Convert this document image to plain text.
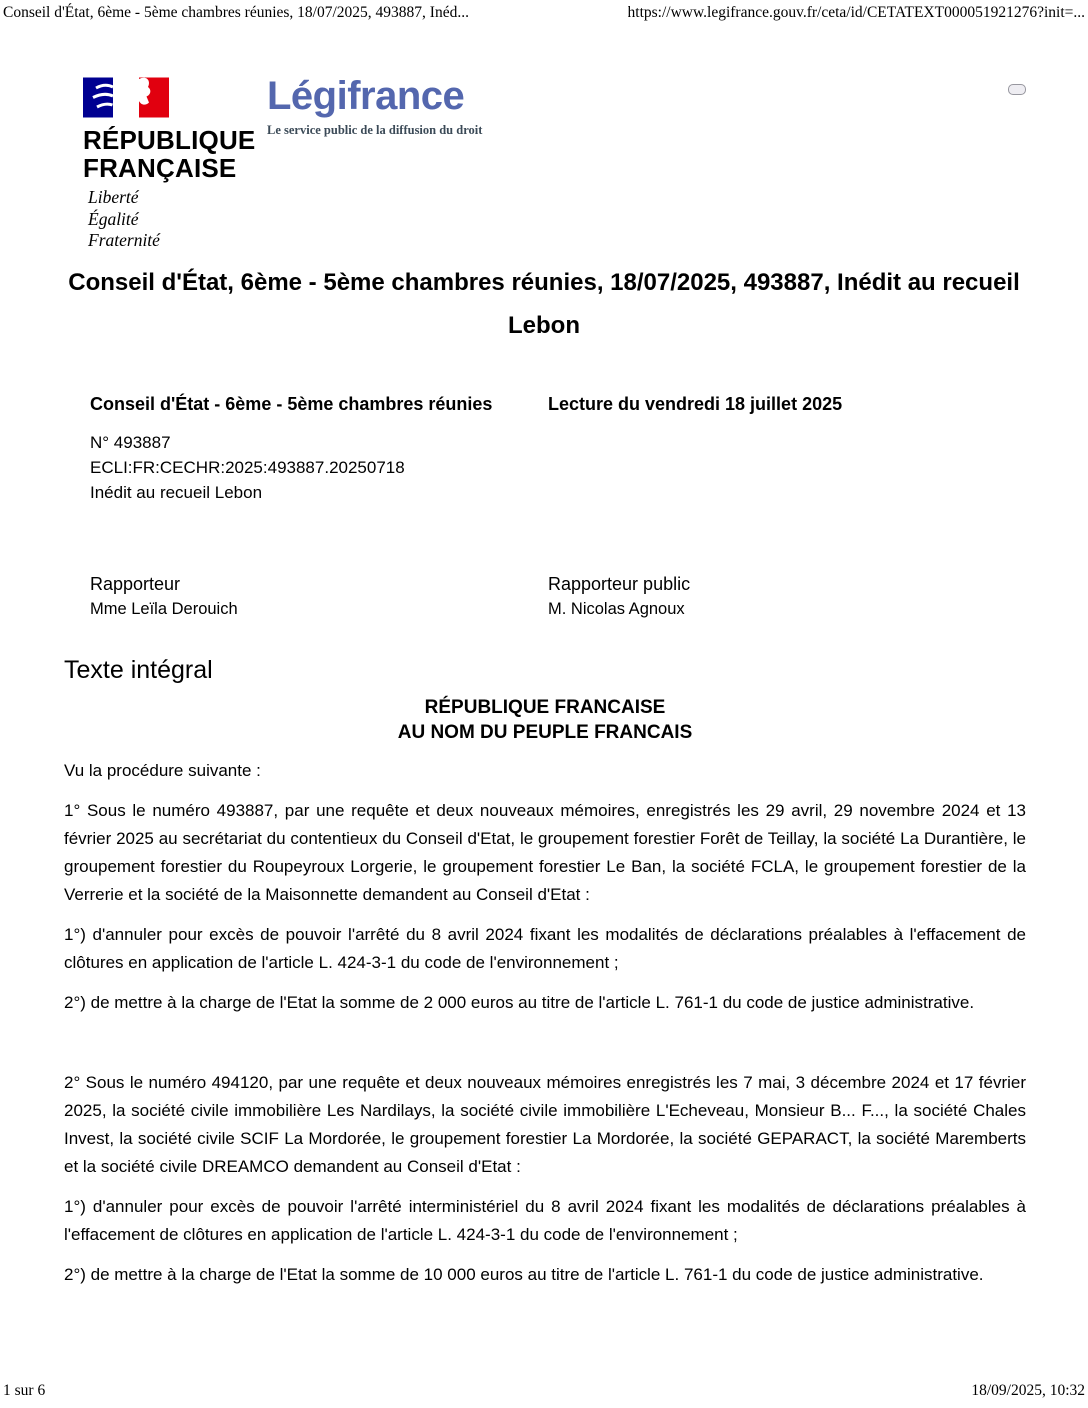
Conseil d'État, 6ème - 5ème chambres réunies, 18/07/2025, 493887, Inéd...	https://www.legifrance.gouv.fr/ceta/id/CETATEXT000051921276?init=...
RÉPUBLIQUE
FRANÇAISE
Liberté
Égalité
Fraternité
Légifrance
Le service public de la diffusion du droit
Conseil d'État, 6ème - 5ème chambres réunies, 18/07/2025, 493887, Inédit au recueil Lebon
Conseil d'État - 6ème - 5ème chambres réunies
N° 493887
ECLI:FR:CECHR:2025:493887.20250718
Inédit au recueil Lebon
Lecture du vendredi 18 juillet 2025
Rapporteur
Mme Leïla Derouich
Rapporteur public
M. Nicolas Agnoux
Texte intégral
RÉPUBLIQUE FRANCAISE
AU NOM DU PEUPLE FRANCAIS

Vu la procédure suivante :

1° Sous le numéro 493887, par une requête et deux nouveaux mémoires, enregistrés les 29 avril, 29 novembre 2024 et 13 février 2025 au secrétariat du contentieux du Conseil d'Etat, le groupement forestier Forêt de Teillay, la société La Durantière, le groupement forestier du Roupeyroux Lorgerie, le groupement forestier Le Ban, la société FCLA, le groupement forestier de la Verrerie et la société de la Maisonnette demandent au Conseil d'Etat :

1°) d'annuler pour excès de pouvoir l'arrêté du 8 avril 2024 fixant les modalités de déclarations préalables à l'effacement de clôtures en application de l'article L. 424-3-1 du code de l'environnement ;

2°) de mettre à la charge de l'Etat la somme de 2 000 euros au titre de l'article L. 761-1 du code de justice administrative.

2° Sous le numéro 494120, par une requête et deux nouveaux mémoires enregistrés les 7 mai, 3 décembre 2024 et 17 février 2025, la société civile immobilière Les Nardilays, la société civile immobilière L'Echeveau, Monsieur B... F..., la société Chales Invest, la société civile SCIF La Mordorée, le groupement forestier La Mordorée, la société GEPARACT, la société Maremberts et la société civile DREAMCO demandent au Conseil d'Etat :

1°) d'annuler pour excès de pouvoir l'arrêté interministériel du 8 avril 2024 fixant les modalités de déclarations préalables à l'effacement de clôtures en application de l'article L. 424-3-1 du code de l'environnement ;

2°) de mettre à la charge de l'Etat la somme de 10 000 euros au titre de l'article L. 761-1 du code de justice administrative.

1 sur 6	18/09/2025, 10:32
